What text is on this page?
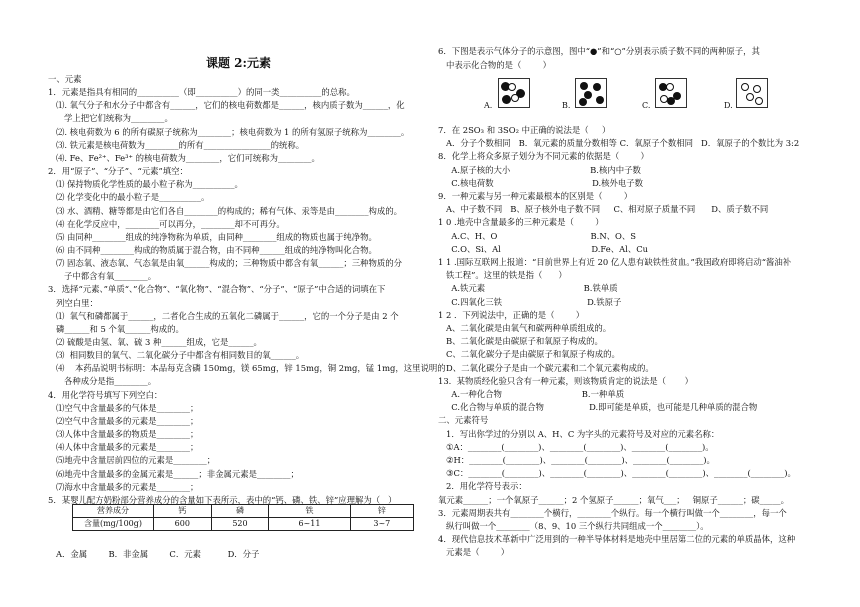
课题 2:元素
一、元素
1．元素是指具有相同的__________（即__________）的同一类__________的总称。
⑴. 氧气分子和水分子中都含有______，它们的核电荷数都是______，核内质子数为______，化
学上把它们统称为________。
⑵. 核电荷数为 6 的所有碳原子统称为________；核电荷数为 1 的所有氢原子统称为________。
⑶. 铁元素是核电荷数为________的所有________________的统称。
⑷. Fe、Fe²⁺、Fe³⁺ 的核电荷数为________，它们可统称为________。
2．用“原子”、“分子”、“元素”填空：
⑴ 保持物质化学性质的最小粒子称为__________。
⑵ 化学变化中的最小粒子是__________。
⑶ 水、酒精、糖等都是由它们各自________的构成的；稀有气体、汞等是由________构成的。
⑷ 在化学反应中，________可以再分，________却不可再分。
⑸ 由同种________组成的纯净物称为单质，由同种________组成的物质也属于纯净物。
⑹ 由不同种________构成的物质属于混合物，由不同种______组成的纯净物叫化合物。
⑺ 固态氧、液态氧、气态氧是由氧______构成的；三种物质中都含有氧______；三种物质的分
子中都含有氧________。
3．选择“元素、”单质“、”化合物“、“氧化物”、“混合物”、“分子”、“原子”中合适的词填在下
列空白里：
⑴  氧气和磷都属于______，二者化合生成的五氧化二磷属于______，它的一个分子是由 2 个
磷______和 5 个氧______构成的。
⑵ 硫酸是由氢、氧、硫 3 种______组成，它是______。
⑶  相同数目的氧气、二氧化碳分子中都含有相同数目的氧______。
⑷    本药品说明书标明：本品每克含磷 150mg，镁 65mg，锌 15mg，铜 2mg，锰 1mg，这里说明的
各种成分是指________。
4．用化学符号填写下列空白：
⑴空气中含量最多的气体是________；
⑵空气中含量最多的元素是________；
⑶人体中含量最多的物质是________；
⑷人体中含量最多的元素是________；
⑸地壳中含量居前四位的元素是________；
⑹地壳中含量最多的金属元素是______；非金属元素是________；
⑺海水中含量最多的元素是________；
5．某婴儿配方奶粉部分营养成分的含量如下表所示，表中的“钙、磷、铁、锌”应理解为（   ）
营养成分	钙	磷	铁	锌
含量(mg/100g)	600	520	6~11	3~7
A．金属        B．非金属        C．元素          D．分子
6．下图是表示气体分子的示意图，图中“●”和“○”分别表示质子数不同的两种原子，其
中表示化合物的是（        ）
A.	B.	C.	D.
7．在 2SO₃ 和 3SO₂ 中正确的说法是（     ）
A．分子个数相同   B．氧元素的质量分数相等 C．氧原子个数相同   D．氧原子的个数比为 3:2
8．化学上将众多原子划分为不同元素的依据是（        ）
A.原子核的大小                              B.核内中子数
C.核电荷数                                     D.核外电子数
9．一种元素与另一种元素最根本的区别是（        ）
A、中子数不同   B、原子核外电子数不同     C、相对原子质量不同      D、质子数不同
1 0 .地壳中含量最多的三种元素是（        ）
A.C、H、O                                   B.N、O、S
C.O、Si、Al                                  D.Fe、Al、Cu
1 1 .国际互联网上报道：“目前世界上有近 20 亿人患有缺铁性贫血。”我国政府即将启动“酱油补
铁工程”。这里的铁是指（      ）
A.铁元素                                     B.铁单质
C.四氧化三铁                                D.铁原子
1 2 ．下列说法中，正确的是（        ）
A、二氧化碳是由氧气和碳两种单质组成的。
B、二氧化碳是由碳原子和氧原子构成的。
C、二氧化碳分子是由碳原子和氧原子构成的。
D、二氧化碳分子是由一个碳元素和二个氧元素构成的。
13.  某物质经化验只含有一种元素，则该物质肯定的说法是（       ）
A.一种化合物                              B.一种单质
C.化合物与单质的混合物                 D.即可能是单质，也可能是几种单质的混合物
二、元素符号
1．写出你学过的分别以 A、H、C 为字头的元素符号及对应的元素名称：
①A：________(________)、________(________)、________(________)。
②H：________(________)、________(________)、________(________)。
③C：________(________)、________(________)、________(________)、________(________)。
2．用化学符号表示：
氧元素______；一个氧原子______；2 个氢原子______；氧气___；   铜原子______；碳_____。
3．元素周期表共有________个横行，________个纵行。每一个横行叫做一个________，每一个
纵行叫做一个________（8、9、10 三个纵行共同组成一个________）。
4．现代信息技术革新中广泛用到的一种半导体材料是地壳中里居第二位的元素的单质晶体，这种
元素是（        ）
